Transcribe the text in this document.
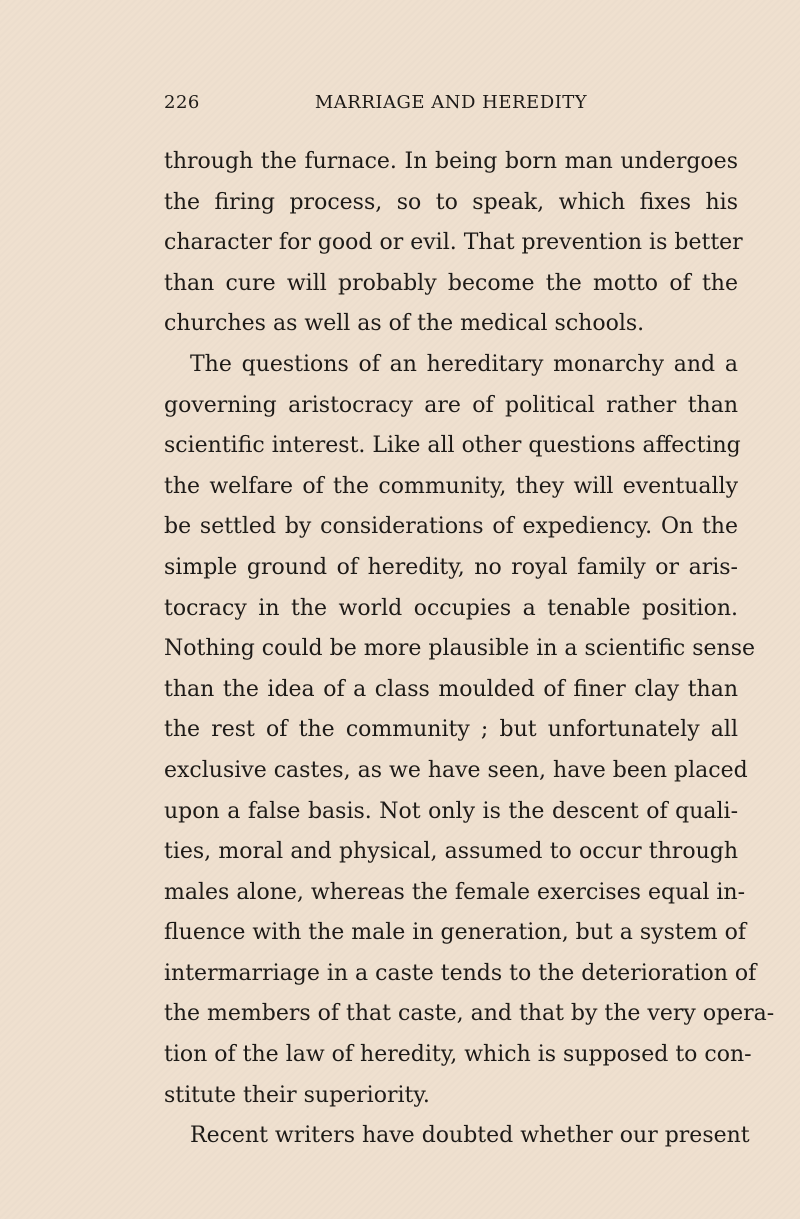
226	MARRIAGE AND HEREDITY
through the furnace. In being born man undergoes
the firing process, so to speak, which fixes his
character for good or evil. That prevention is better
than cure will probably become the motto of the
churches as well as of the medical schools.
The questions of an hereditary monarchy and a
governing aristocracy are of political rather than
scientific interest. Like all other questions affecting
the welfare of the community, they will eventually
be settled by considerations of expediency. On the
simple ground of heredity, no royal family or aris-
tocracy in the world occupies a tenable position.
Nothing could be more plausible in a scientific sense
than the idea of a class moulded of finer clay than
the rest of the community ; but unfortunately all
exclusive castes, as we have seen, have been placed
upon a false basis. Not only is the descent of quali-
ties, moral and physical, assumed to occur through
males alone, whereas the female exercises equal in-
fluence with the male in generation, but a system of
intermarriage in a caste tends to the deterioration of
the members of that caste, and that by the very opera-
tion of the law of heredity, which is supposed to con-
stitute their superiority.
Recent writers have doubted whether our present
